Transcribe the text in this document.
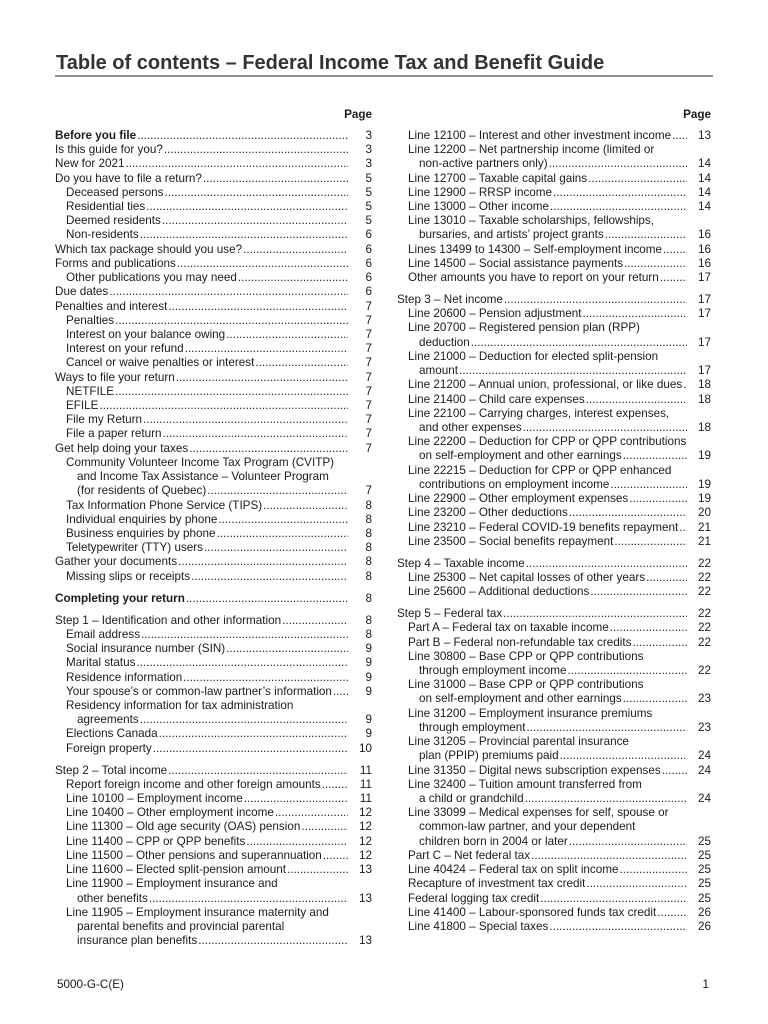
Table of contents – Federal Income Tax and Benefit Guide
Page
Before you file .....	3
Is this guide for you? .....	3
New for 2021 .....	3
Do you have to file a return? .....	5
Deceased persons .....	5
Residential ties .....	5
Deemed residents .....	5
Non-residents .....	6
Which tax package should you use? .....	6
Forms and publications .....	6
Other publications you may need .....	6
Due dates .....	6
Penalties and interest .....	7
Penalties .....	7
Interest on your balance owing .....	7
Interest on your refund .....	7
Cancel or waive penalties or interest .....	7
Ways to file your return .....	7
NETFILE .....	7
EFILE .....	7
File my Return .....	7
File a paper return .....	7
Get help doing your taxes .....	7
Community Volunteer Income Tax Program (CVITP)
and Income Tax Assistance – Volunteer Program
(for residents of Quebec) .....	7
Tax Information Phone Service (TIPS) .....	8
Individual enquiries by phone .....	8
Business enquiries by phone .....	8
Teletypewriter (TTY) users .....	8
Gather your documents .....	8
Missing slips or receipts .....	8
Completing your return .....	8
Step 1 – Identification and other information .....	8
Email address .....	8
Social insurance number (SIN) .....	9
Marital status .....	9
Residence information .....	9
Your spouse’s or common-law partner’s information .....	9
Residency information for tax administration
agreements .....	9
Elections Canada .....	9
Foreign property .....	10
Step 2 – Total income .....	11
Report foreign income and other foreign amounts .....	11
Line 10100 – Employment income .....	11
Line 10400 – Other employment income .....	12
Line 11300 – Old age security (OAS) pension .....	12
Line 11400 – CPP or QPP benefits .....	12
Line 11500 – Other pensions and superannuation .....	12
Line 11600 – Elected split-pension amount .....	13
Line 11900 – Employment insurance and
other benefits .....	13
Line 11905 – Employment insurance maternity and
parental benefits and provincial parental
insurance plan benefits .....	13
Page
Line 12100 – Interest and other investment income .....	13
Line 12200 – Net partnership income (limited or
non-active partners only) .....	14
Line 12700 – Taxable capital gains .....	14
Line 12900 – RRSP income .....	14
Line 13000 – Other income .....	14
Line 13010 – Taxable scholarships, fellowships,
bursaries, and artists’ project grants .....	16
Lines 13499 to 14300 – Self-employment income .....	16
Line 14500 – Social assistance payments .....	16
Other amounts you have to report on your return .....	17
Step 3 – Net income .....	17
Line 20600 – Pension adjustment .....	17
Line 20700 – Registered pension plan (RPP)
deduction .....	17
Line 21000 – Deduction for elected split-pension
amount .....	17
Line 21200 – Annual union, professional, or like dues .....	18
Line 21400 – Child care expenses .....	18
Line 22100 – Carrying charges, interest expenses,
and other expenses .....	18
Line 22200 – Deduction for CPP or QPP contributions
on self-employment and other earnings .....	19
Line 22215 – Deduction for CPP or QPP enhanced
contributions on employment income .....	19
Line 22900 – Other employment expenses .....	19
Line 23200 – Other deductions .....	20
Line 23210 – Federal COVID-19 benefits repayment .....	21
Line 23500 – Social benefits repayment .....	21
Step 4 – Taxable income .....	22
Line 25300 – Net capital losses of other years .....	22
Line 25600 – Additional deductions .....	22
Step 5 – Federal tax .....	22
Part A – Federal tax on taxable income .....	22
Part B – Federal non-refundable tax credits .....	22
Line 30800 – Base CPP or QPP contributions
through employment income .....	22
Line 31000 – Base CPP or QPP contributions
on self-employment and other earnings .....	23
Line 31200 – Employment insurance premiums
through employment .....	23
Line 31205 – Provincial parental insurance
plan (PPIP) premiums paid .....	24
Line 31350 – Digital news subscription expenses .....	24
Line 32400 – Tuition amount transferred from
a child or grandchild .....	24
Line 33099 – Medical expenses for self, spouse or
common-law partner, and your dependent
children born in 2004 or later .....	25
Part C – Net federal tax .....	25
Line 40424 – Federal tax on split income .....	25
Recapture of investment tax credit .....	25
Federal logging tax credit .....	25
Line 41400 – Labour-sponsored funds tax credit .....	26
Line 41800 – Special taxes .....	26
5000-G-C(E)	1
